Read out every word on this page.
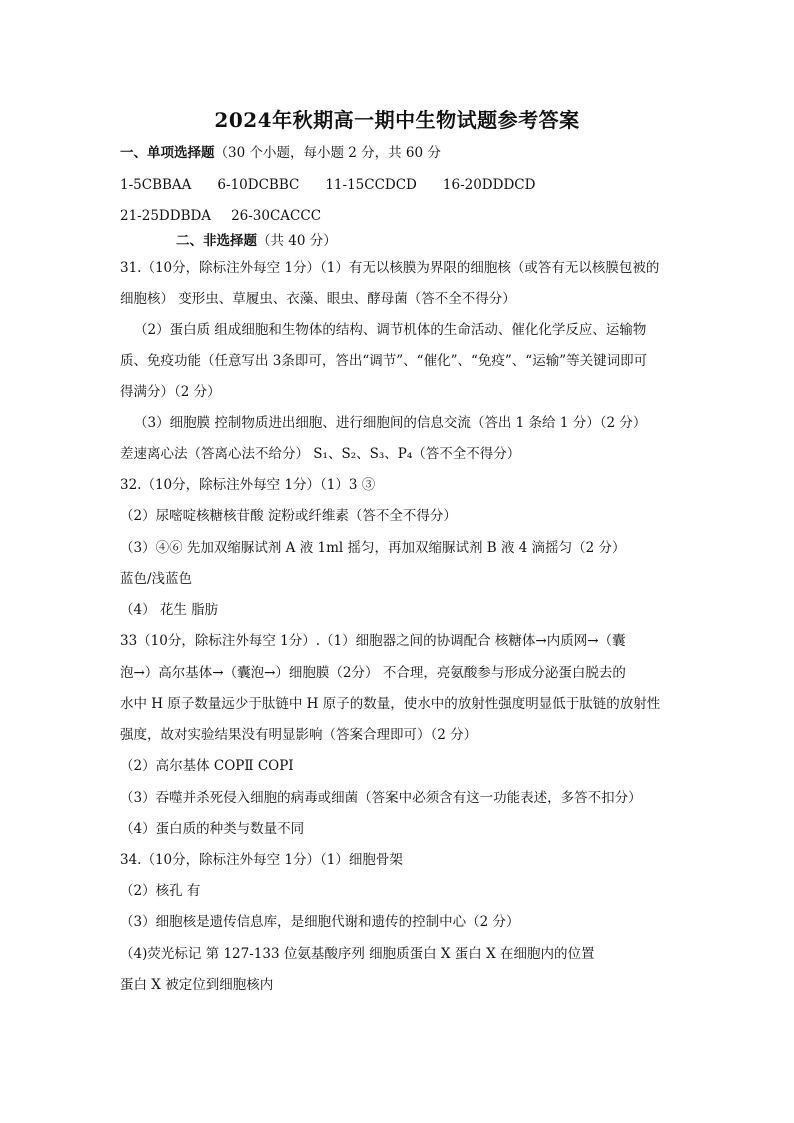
2024年秋期高一期中生物试题参考答案
一、单项选择题（30 个小题，每小题 2 分，共 60 分
1-5CBBAA 6-10DCBBC 11-15CCDCD 16-20DDDCD
21-25DDBDA 26-30CACCC
二、非选择题（共 40 分）
31.（10分，除标注外每空 1分）（1）有无以核膜为界限的细胞核（或答有无以核膜包被的
细胞核） 变形虫、草履虫、衣藻、眼虫、酵母菌（答不全不得分）
（2）蛋白质 组成细胞和生物体的结构、调节机体的生命活动、催化化学反应、运输物
质、免疫功能（任意写出 3条即可，答出“调节”、“催化”、“免疫”、“运输”等关键词即可
得满分）（2 分）
（3）细胞膜 控制物质进出细胞、进行细胞间的信息交流（答出 1 条给 1 分）（2 分）
差速离心法（答离心法不给分） S₁、S₂、S₃、P₄（答不全不得分）
32.（10分，除标注外每空 1分）（1）3 ③
（2）尿嘧啶核糖核苷酸 淀粉或纤维素（答不全不得分）
（3）④⑥ 先加双缩脲试剂 A 液 1ml 摇匀，再加双缩脲试剂 B 液 4 滴摇匀（2 分）
蓝色/浅蓝色
（4） 花生 脂肪
33（10分，除标注外每空 1分）.（1）细胞器之间的协调配合 核糖体→内质网→（囊
泡→）高尔基体→（囊泡→）细胞膜（2分） 不合理，亮氨酸参与形成分泌蛋白脱去的
水中 H 原子数量远少于肽链中 H 原子的数量，使水中的放射性强度明显低于肽链的放射性
强度，故对实验结果没有明显影响（答案合理即可）（2 分）
（2）高尔基体 COPⅡ COPⅠ
（3）吞噬并杀死侵入细胞的病毒或细菌（答案中必须含有这一功能表述，多答不扣分）
（4）蛋白质的种类与数量不同
34.（10分，除标注外每空 1分）（1）细胞骨架
（2）核孔 有
（3）细胞核是遗传信息库，是细胞代谢和遗传的控制中心（2 分）
（4)荧光标记 第 127-133 位氨基酸序列 细胞质蛋白 X 蛋白 X 在细胞内的位置
蛋白 X 被定位到细胞核内
